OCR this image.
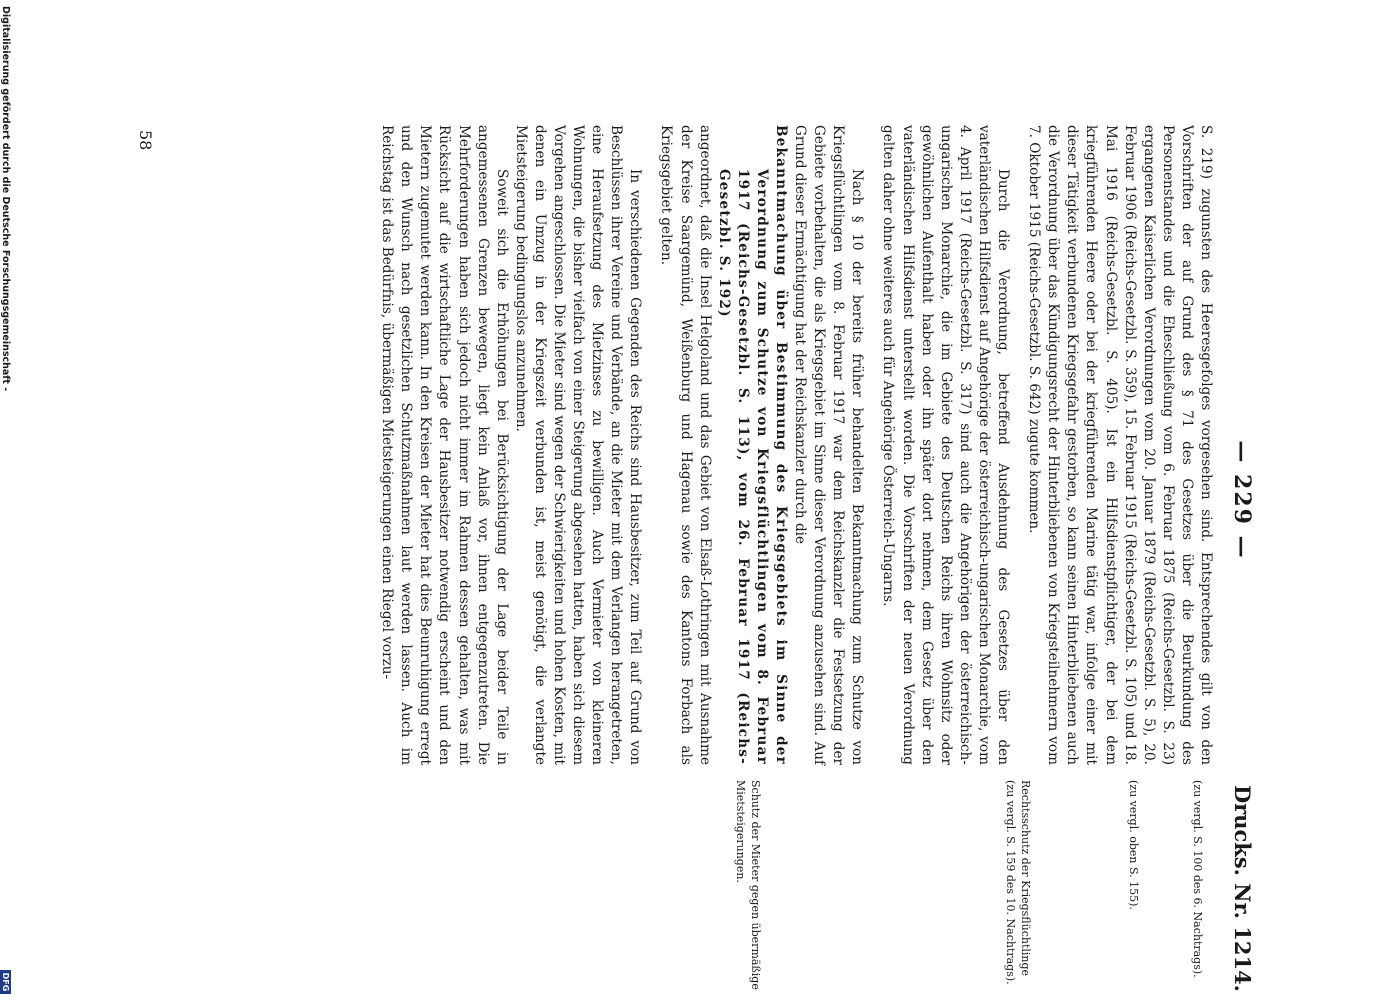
— 229 —
Drucks. Nr. 1214.

S. 219) zugunsten des Heeresgefolges vorgesehen sind. Entsprechendes gilt von den Vorschriften der auf Grund des § 71 des Gesetzes über die Beurkundung des Personenstandes und die Eheschließung vom 6. Februar 1875 (Reichs-Gesetzbl. S. 23) ergangenen Kaiserlichen Verordnungen vom 20. Januar 1879 (Reichs-Gesetzbl. S. 5), 20. Februar 1906 (Reichs-Gesetzbl. S. 359), 15. Februar 1915 (Reichs-Gesetzbl. S. 105) und 18. Mai 1916 (Reichs-Gesetzbl. S. 405). Ist ein Hilfsdienstpflichtiger, der bei dem kriegführenden Heere oder bei der kriegführenden Marine tätig war, infolge einer mit dieser Tätigkeit verbundenen Kriegsgefahr gestorben, so kann seinen Hinterbliebenen auch die Verordnung über das Kündigungsrecht der Hinterbliebenen von Kriegsteilnehmern vom 7. Oktober 1915 (Reichs-Gesetzbl. S. 642) zugute kommen.

Durch die Verordnung, betreffend Ausdehnung des Gesetzes über den vaterländischen Hilfsdienst auf Angehörige der österreichisch-ungarischen Monarchie, vom 4. April 1917 (Reichs-Gesetzbl. S. 317) sind auch die Angehörigen der österreichisch-ungarischen Monarchie, die im Gebiete des Deutschen Reichs ihren Wohnsitz oder gewöhnlichen Aufenthalt haben oder ihn später dort nehmen, dem Gesetz über den vaterländischen Hilfsdienst unterstellt worden. Die Vorschriften der neuen Verordnung gelten daher ohne weiteres auch für Angehörige Österreich-Ungarns.

Nach § 10 der bereits früher behandelten Bekanntmachung zum Schutze von Kriegsflüchtlingen vom 8. Februar 1917 war dem Reichskanzler die Festsetzung der Gebiete vorbehalten, die als Kriegsgebiet im Sinne dieser Verordnung anzusehen sind. Auf Grund dieser Ermächtigung hat der Reichskanzler durch die

Bekanntmachung über Bestimmung des Kriegsgebiets im Sinne der Verordnung zum Schutze von Kriegsflüchtlingen vom 8. Februar 1917 (Reichs-Gesetzbl. S. 113), vom 26. Februar 1917 (Reichs-Gesetzbl. S. 192)

angeordnet, daß die Insel Helgoland und das Gebiet von Elsaß-Lothringen mit Ausnahme der Kreise Saargemünd, Weißenburg und Hagenau sowie des Kantons Forbach als Kriegsgebiet gelten.

In verschiedenen Gegenden des Reichs sind Hausbesitzer, zum Teil auf Grund von Beschlüssen ihrer Vereine und Verbände, an die Mieter mit dem Verlangen herangetreten, eine Heraufsetzung des Mietzinses zu bewilligen. Auch Vermieter von kleineren Wohnungen, die bisher vielfach von einer Steigerung abgesehen hatten, haben sich diesem Vorgehen angeschlossen. Die Mieter sind wegen der Schwierigkeiten und hohen Kosten, mit denen ein Umzug in der Kriegszeit verbunden ist, meist genötigt, die verlangte Mietsteigerung bedingungslos anzunehmen.

Soweit sich die Erhöhungen bei Berücksichtigung der Lage beider Teile in angemessenen Grenzen bewegen, liegt kein Anlaß vor, ihnen entgegenzutreten. Die Mehrforderungen haben sich jedoch nicht immer im Rahmen dessen gehalten, was mit Rücksicht auf die wirtschaftliche Lage der Hausbesitzer notwendig erscheint und den Mietern zugemutet werden kann. In den Kreisen der Mieter hat dies Beunruhigung erregt und den Wunsch nach gesetzlichen Schutzmaßnahmen laut werden lassen. Auch im Reichstag ist das Bedürfnis, übermäßigen Mietsteigerungen einen Riegel vorzu-

(zu vergl. S. 100 des 6. Nachtrags).
(zu vergl. oben S. 155).
Rechtsschutz der Kriegsflüchtlinge (zu vergl. S. 159 des 10. Nachtrags).
Schutz der Mieter gegen übermäßige Mietsteigerungen.
58
Digitalisierung gefördert durch die Deutsche Forschungsgemeinschaft -
DFG
